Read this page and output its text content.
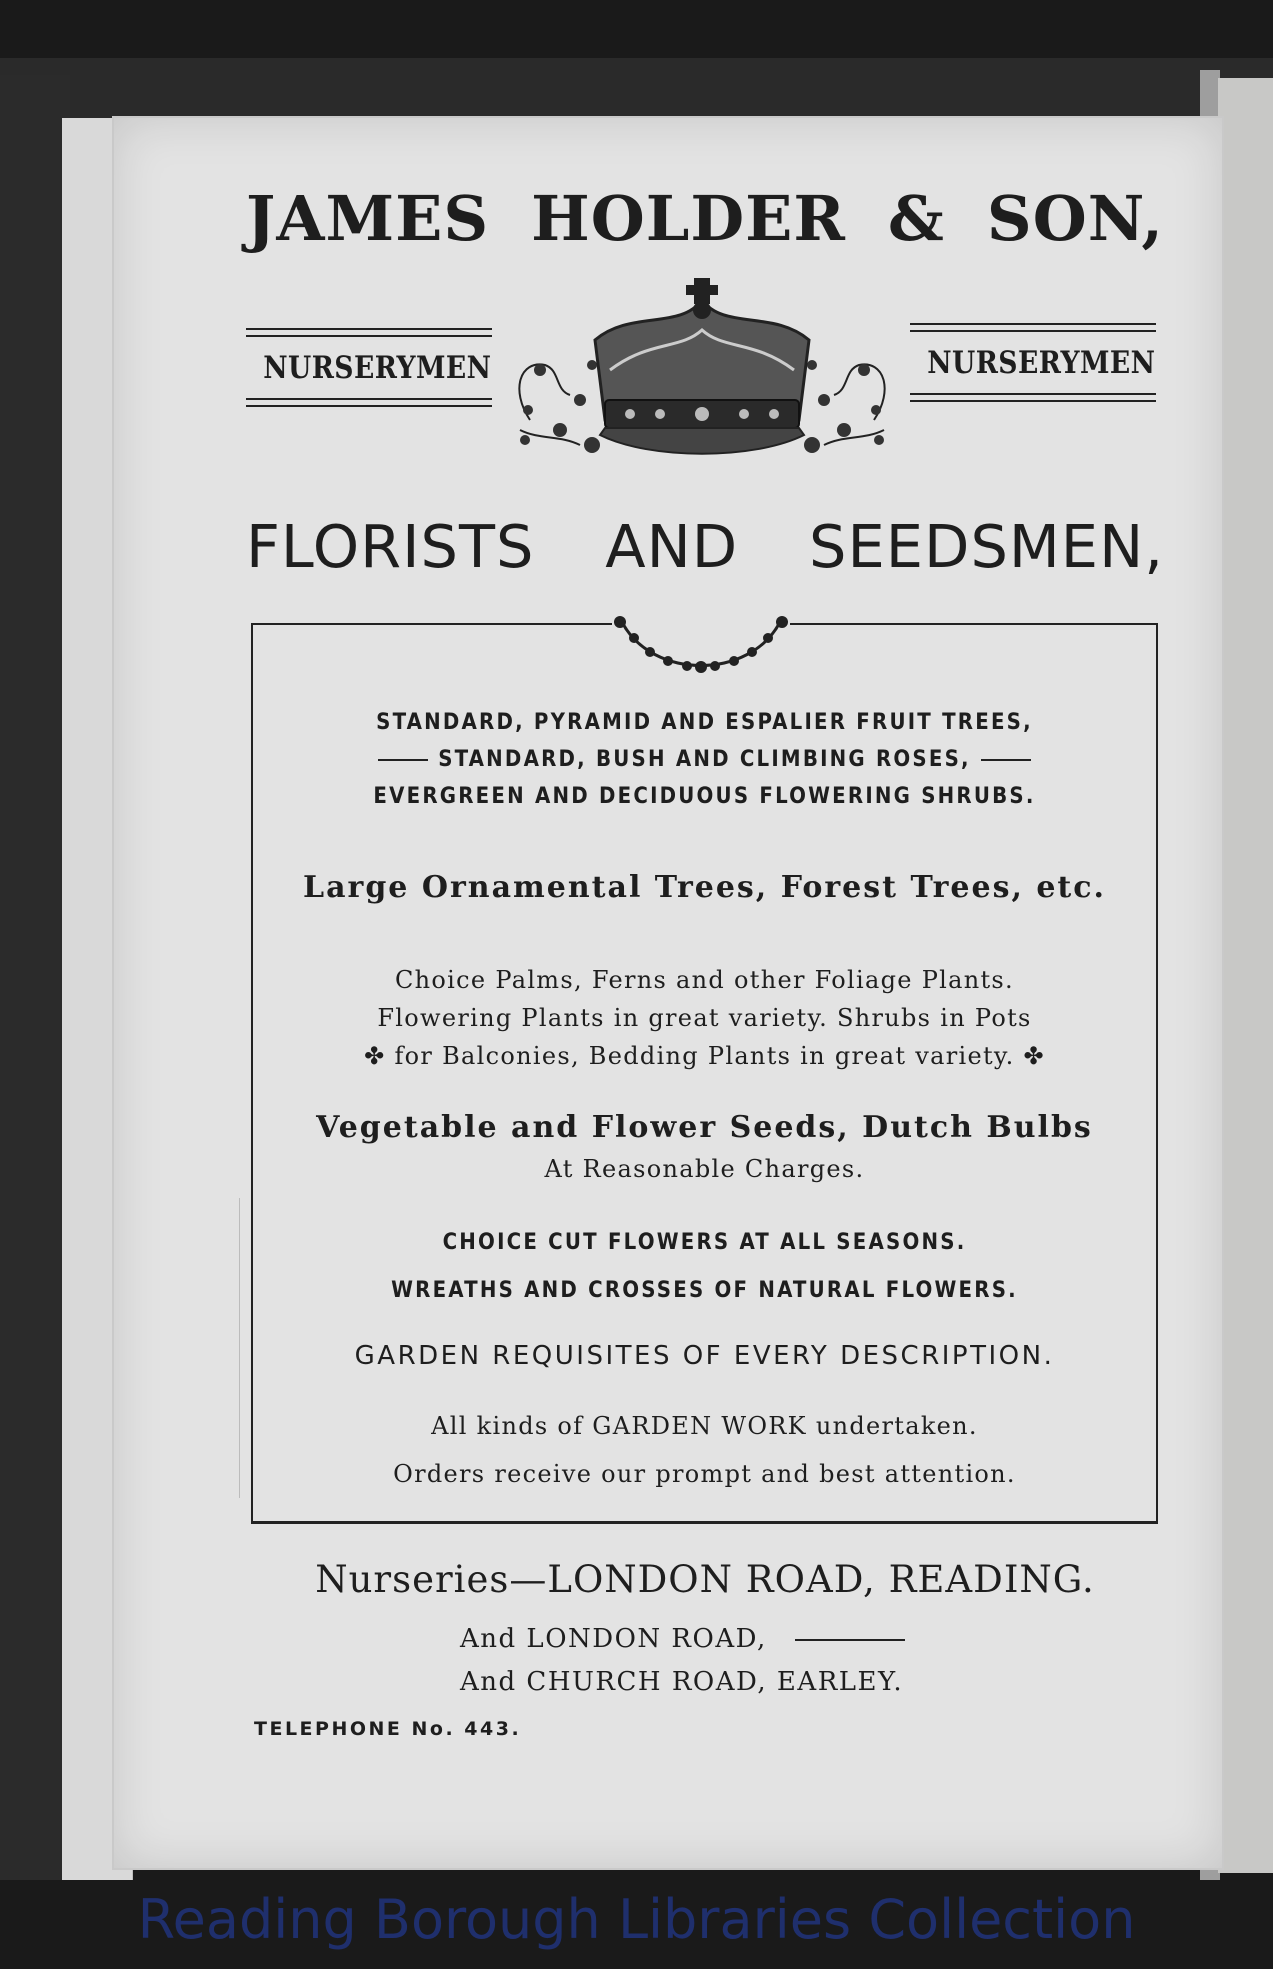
JAMES HOLDER & SON,
NURSERYMEN	NURSERYMEN
FLORISTS AND SEEDSMEN,
STANDARD, PYRAMID AND ESPALIER FRUIT TREES,
STANDARD, BUSH AND CLIMBING ROSES,
EVERGREEN AND DECIDUOUS FLOWERING SHRUBS.
Large Ornamental Trees, Forest Trees, etc.
Choice Palms, Ferns and other Foliage Plants.
Flowering Plants in great variety. Shrubs in Pots
✤ for Balconies, Bedding Plants in great variety. ✤
Vegetable and Flower Seeds, Dutch Bulbs
At Reasonable Charges.
CHOICE CUT FLOWERS AT ALL SEASONS.
WREATHS AND CROSSES OF NATURAL FLOWERS.
GARDEN REQUISITES OF EVERY DESCRIPTION.
All kinds of GARDEN WORK undertaken.
Orders receive our prompt and best attention.
Nurseries—LONDON ROAD, READING.
And LONDON ROAD,
And CHURCH ROAD, EARLEY.
TELEPHONE No. 443.
Reading Borough Libraries Collection
